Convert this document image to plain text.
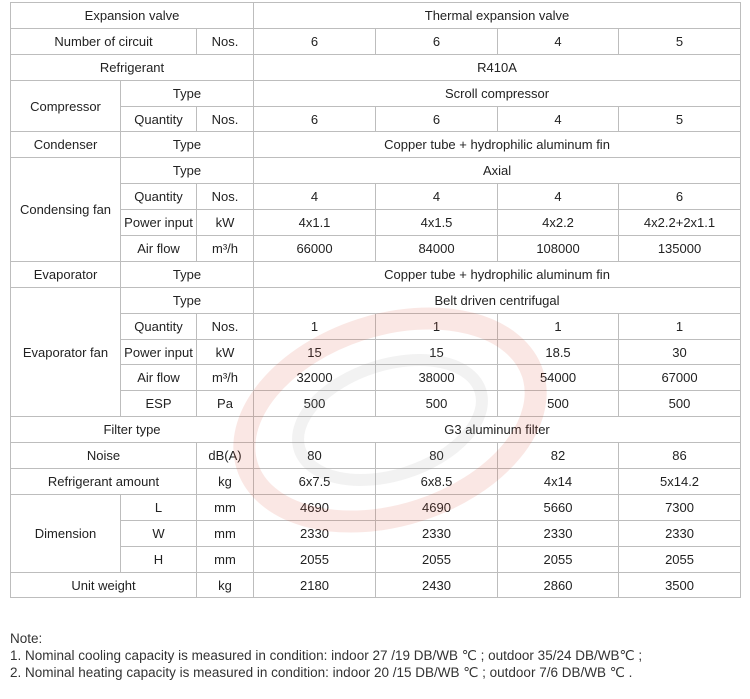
Expansion valve			Thermal expansion valve			
Number of circuit		Nos.	6	6	4	5
Refrigerant			R410A			
Compressor	Type		Scroll compressor			
	Quantity	Nos.	6	6	4	5
Condenser	Type		Copper tube + hydrophilic aluminum fin			
Condensing fan	Type		Axial			
	Quantity	Nos.	4	4	4	6
	Power input	kW	4x1.1	4x1.5	4x2.2	4x2.2+2x1.1
	Air flow	m³/h	66000	84000	108000	135000
Evaporator	Type		Copper tube + hydrophilic aluminum fin			
Evaporator fan	Type		Belt driven centrifugal			
	Quantity	Nos.	1	1	1	1
	Power input	kW	15	15	18.5	30
	Air flow	m³/h	32000	38000	54000	67000
	ESP	Pa	500	500	500	500
Filter type			G3 aluminum filter			
Noise		dB(A)	80	80	82	86
Refrigerant amount		kg	6x7.5	6x8.5	4x14	5x14.2
Dimension	L	mm	4690	4690	5660	7300
	W	mm	2330	2330	2330	2330
	H	mm	2055	2055	2055	2055
Unit weight		kg	2180	2430	2860	3500
Note:
1. Nominal cooling capacity is measured in condition: indoor 27 /19 DB/WB ℃ ; outdoor 35/24 DB/WB℃ ;
2. Nominal heating capacity is measured in condition: indoor 20 /15 DB/WB ℃ ; outdoor 7/6 DB/WB ℃ .
